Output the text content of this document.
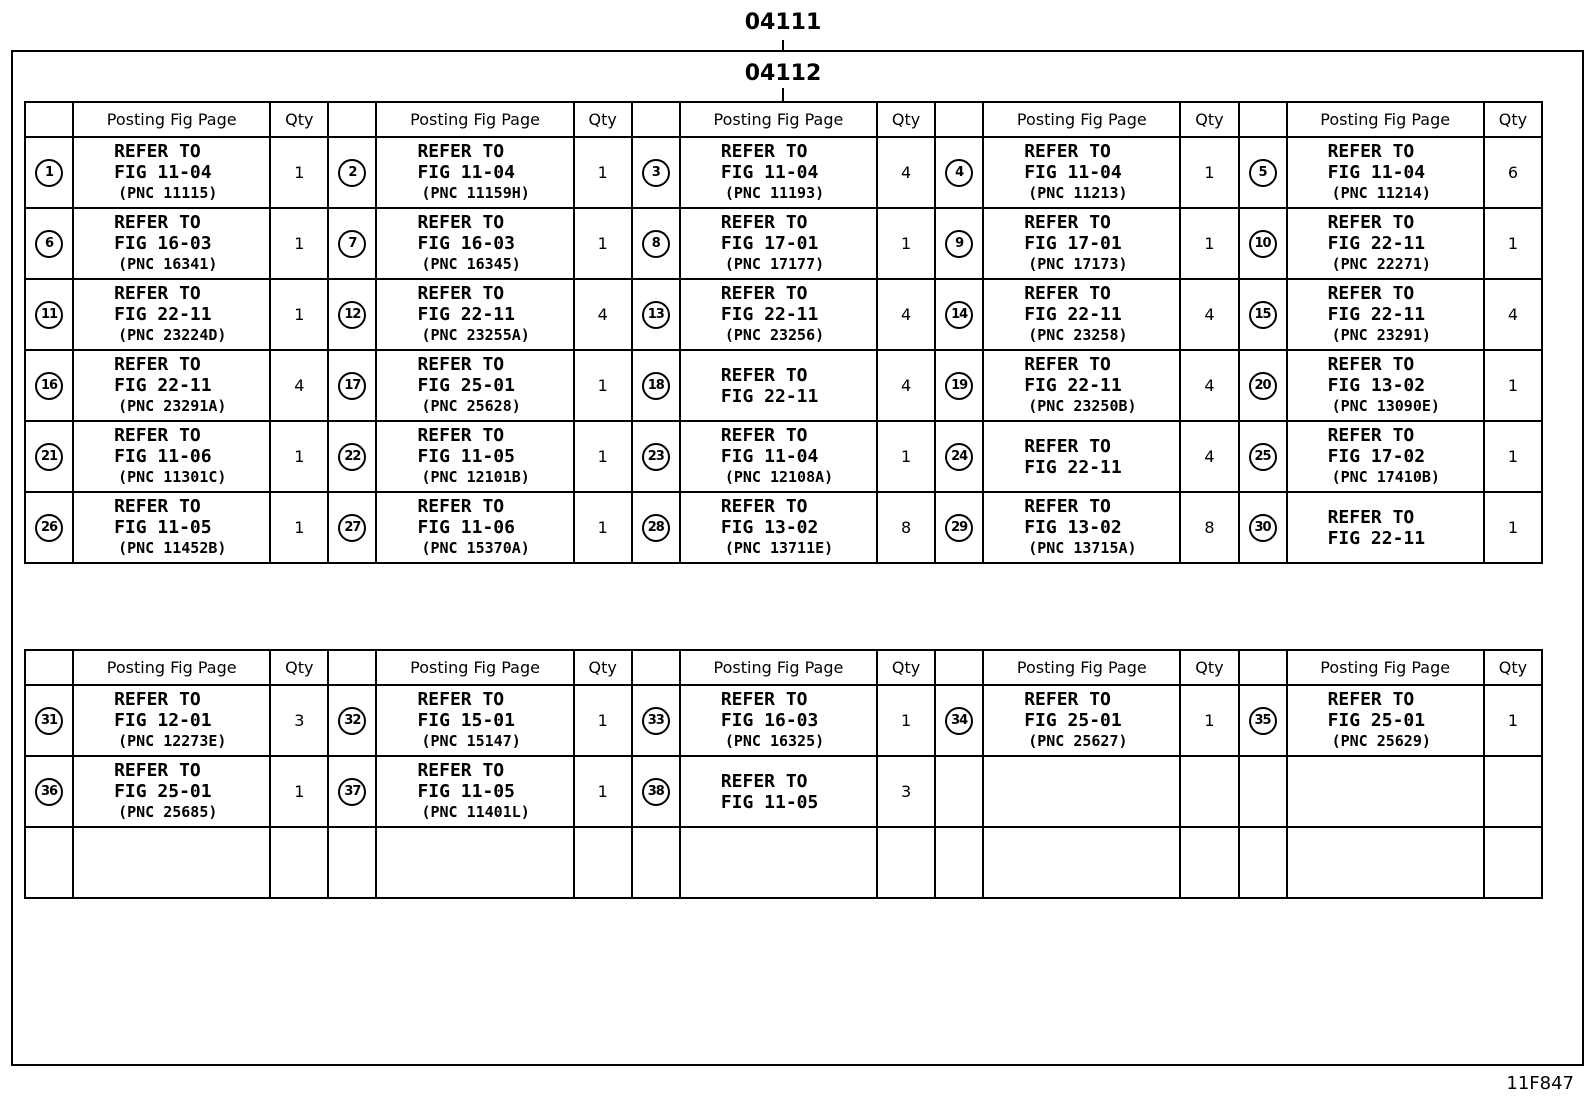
04111
04112
	Posting Fig Page	Qty		Posting Fig Page	Qty		Posting Fig Page	Qty		Posting Fig Page	Qty		Posting Fig Page	Qty
1	REFER TO
FIG 11-04
(PNC 11115)	1	2	REFER TO
FIG 11-04
(PNC 11159H)	1	3	REFER TO
FIG 11-04
(PNC 11193)	4	4	REFER TO
FIG 11-04
(PNC 11213)	1	5	REFER TO
FIG 11-04
(PNC 11214)	6
6	REFER TO
FIG 16-03
(PNC 16341)	1	7	REFER TO
FIG 16-03
(PNC 16345)	1	8	REFER TO
FIG 17-01
(PNC 17177)	1	9	REFER TO
FIG 17-01
(PNC 17173)	1	10	REFER TO
FIG 22-11
(PNC 22271)	1
11	REFER TO
FIG 22-11
(PNC 23224D)	1	12	REFER TO
FIG 22-11
(PNC 23255A)	4	13	REFER TO
FIG 22-11
(PNC 23256)	4	14	REFER TO
FIG 22-11
(PNC 23258)	4	15	REFER TO
FIG 22-11
(PNC 23291)	4
16	REFER TO
FIG 22-11
(PNC 23291A)	4	17	REFER TO
FIG 25-01
(PNC 25628)	1	18	REFER TO
FIG 22-11	4	19	REFER TO
FIG 22-11
(PNC 23250B)	4	20	REFER TO
FIG 13-02
(PNC 13090E)	1
21	REFER TO
FIG 11-06
(PNC 11301C)	1	22	REFER TO
FIG 11-05
(PNC 12101B)	1	23	REFER TO
FIG 11-04
(PNC 12108A)	1	24	REFER TO
FIG 22-11	4	25	REFER TO
FIG 17-02
(PNC 17410B)	1
26	REFER TO
FIG 11-05
(PNC 11452B)	1	27	REFER TO
FIG 11-06
(PNC 15370A)	1	28	REFER TO
FIG 13-02
(PNC 13711E)	8	29	REFER TO
FIG 13-02
(PNC 13715A)	8	30	REFER TO
FIG 22-11	1
	Posting Fig Page	Qty		Posting Fig Page	Qty		Posting Fig Page	Qty		Posting Fig Page	Qty		Posting Fig Page	Qty
31	REFER TO
FIG 12-01
(PNC 12273E)	3	32	REFER TO
FIG 15-01
(PNC 15147)	1	33	REFER TO
FIG 16-03
(PNC 16325)	1	34	REFER TO
FIG 25-01
(PNC 25627)	1	35	REFER TO
FIG 25-01
(PNC 25629)	1
36	REFER TO
FIG 25-01
(PNC 25685)	1	37	REFER TO
FIG 11-05
(PNC 11401L)	1	38	REFER TO
FIG 11-05	3		

11F847
